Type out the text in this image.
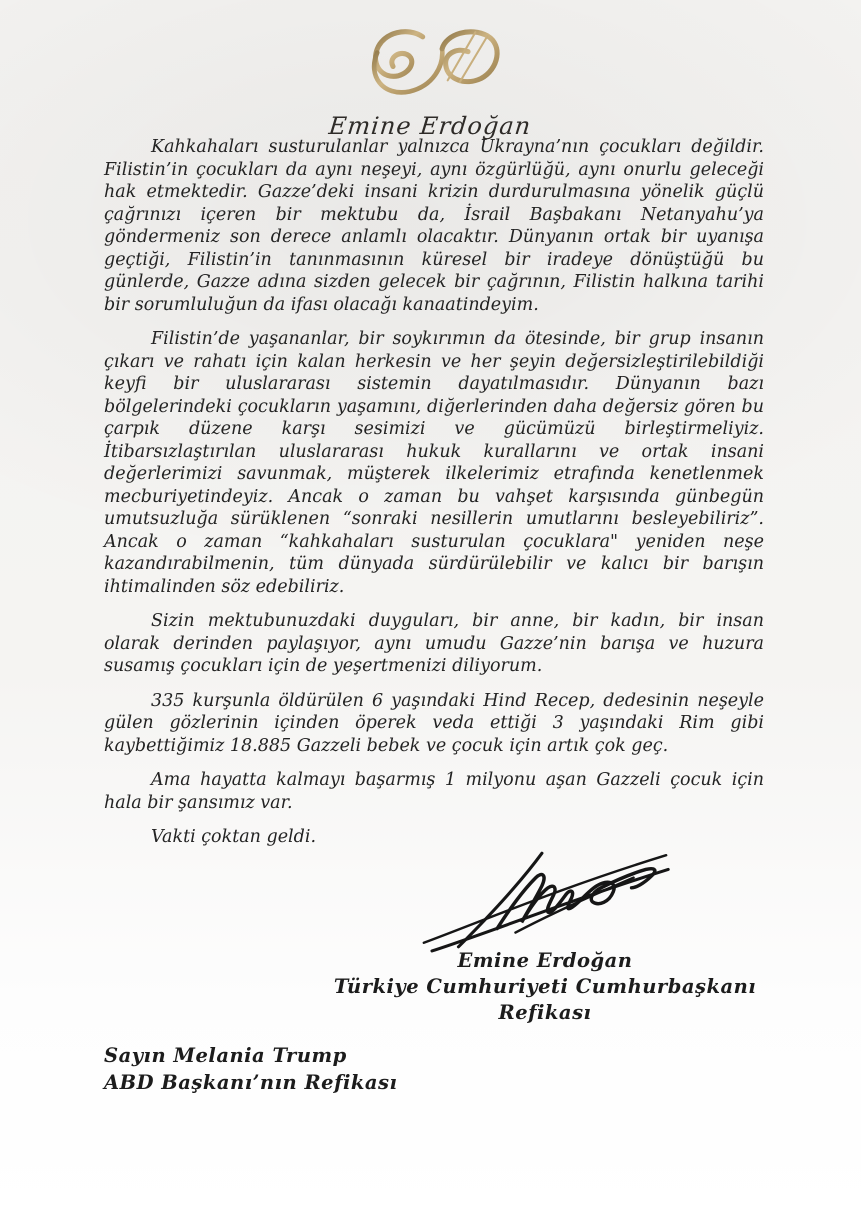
Emine Erdoğan

Kahkahaları susturulanlar yalnızca Ukrayna’nın çocukları değildir. Filistin’in çocukları da aynı neşeyi, aynı özgürlüğü, aynı onurlu geleceği hak etmektedir. Gazze’deki insani krizin durdurulmasına yönelik güçlü çağrınızı içeren bir mektubu da, İsrail Başbakanı Netanyahu’ya göndermeniz son derece anlamlı olacaktır. Dünyanın ortak bir uyanışa geçtiği, Filistin’in tanınmasının küresel bir iradeye dönüştüğü bu günlerde, Gazze adına sizden gelecek bir çağrının, Filistin halkına tarihi bir sorumluluğun da ifası olacağı kanaatindeyim.

Filistin’de yaşananlar, bir soykırımın da ötesinde, bir grup insanın çıkarı ve rahatı için kalan herkesin ve her şeyin değersizleştirilebildiği keyfi bir uluslararası sistemin dayatılmasıdır. Dünyanın bazı bölgelerindeki çocukların yaşamını, diğerlerinden daha değersiz gören bu çarpık düzene karşı sesimizi ve gücümüzü birleştirmeliyiz. İtibarsızlaştırılan uluslararası hukuk kurallarını ve ortak insani değerlerimizi savunmak, müşterek ilkelerimiz etrafında kenetlenmek mecburiyetindeyiz. Ancak o zaman bu vahşet karşısında günbegün umutsuzluğa sürüklenen “sonraki nesillerin umutlarını besleyebiliriz”. Ancak o zaman “kahkahaları susturulan çocuklara" yeniden neşe kazandırabilmenin, tüm dünyada sürdürülebilir ve kalıcı bir barışın ihtimalinden söz edebiliriz.

Sizin mektubunuzdaki duyguları, bir anne, bir kadın, bir insan olarak derinden paylaşıyor, aynı umudu Gazze’nin barışa ve huzura susamış çocukları için de yeşertmenizi diliyorum.

335 kurşunla öldürülen 6 yaşındaki Hind Recep, dedesinin neşeyle gülen gözlerinin içinden öperek veda ettiği 3 yaşındaki Rim gibi kaybettiğimiz 18.885 Gazzeli bebek ve çocuk için artık çok geç.

Ama hayatta kalmayı başarmış 1 milyonu aşan Gazzeli çocuk için hala bir şansımız var.

Vakti çoktan geldi.

Emine Erdoğan
Türkiye Cumhuriyeti Cumhurbaşkanı Refikası
Sayın Melania Trump
ABD Başkanı’nın Refikası
